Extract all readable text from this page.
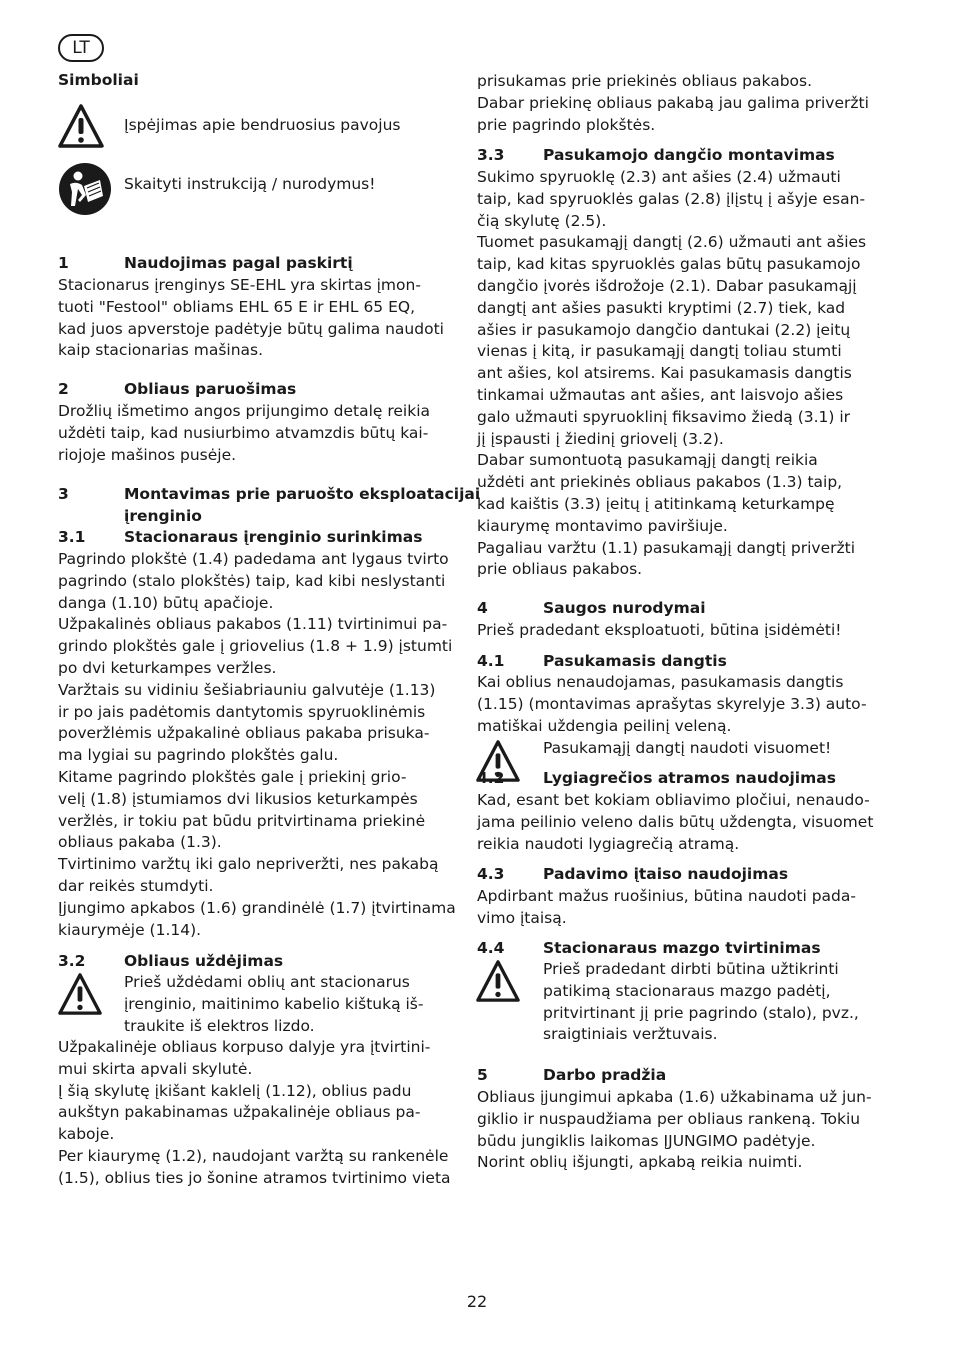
LT
Simboliai
Įspėjimas apie bendruosius pavojus
Skaityti instrukciją / nurodymus!
1	Naudojimas pagal paskirtį
Stacionarus įrenginys SE-EHL yra skirtas įmon-
tuoti "Festool" obliams EHL 65 E ir EHL 65 EQ,
kad juos apverstoje padėtyje būtų galima naudoti
kaip stacionarias mašinas.
2	Obliaus paruošimas
Drožlių išmetimo angos prijungimo detalę reikia
uždėti taip, kad nusiurbimo atvamzdis būtų kai-
riojoje mašinos pusėje.
3	Montavimas prie paruošto eksploatacijai
įrenginio
3.1 Stacionaraus įrenginio surinkimas
Pagrindo plokštė (1.4) padedama ant lygaus tvirto
pagrindo (stalo plokštės) taip, kad kibi neslystanti
danga (1.10) būtų apačioje.
Užpakalinės obliaus pakabos (1.11) tvirtinimui pa-
grindo plokštės gale į griovelius (1.8 + 1.9) įstumti
po dvi keturkampes veržles.
Varžtais su vidiniu šešiabriauniu galvutėje (1.13)
ir po jais padėtomis dantytomis spyruoklinėmis
poveržlėmis užpakalinė obliaus pakaba prisuka-
ma lygiai su pagrindo plokštės galu.
Kitame pagrindo plokštės gale į priekinį grio-
velį (1.8) įstumiamos dvi likusios keturkampės
veržlės, ir tokiu pat būdu pritvirtinama priekinė
obliaus pakaba (1.3).
Tvirtinimo varžtų iki galo nepriveržti, nes pakabą
dar reikės stumdyti.
Įjungimo apkabos (1.6) grandinėlė (1.7) įtvirtinama
kiaurymėje (1.14).
3.2 Obliaus uždėjimas
Prieš uždėdami oblių ant stacionarus
įrenginio, maitinimo kabelio kištuką iš-
traukite iš elektros lizdo.
Užpakalinėje obliaus korpuso dalyje yra įtvirtini-
mui skirta apvali skylutė.
Į šią skylutę įkišant kaklelį (1.12), oblius padu
aukštyn pakabinamas užpakalinėje obliaus pa-
kaboje.
Per kiaurymę (1.2), naudojant varžtą su rankenėle
(1.5), oblius ties jo šonine atramos tvirtinimo vieta
prisukamas prie priekinės obliaus pakabos.
Dabar priekinę obliaus pakabą jau galima priveržti
prie pagrindo plokštės.
3.3 Pasukamojo dangčio montavimas
Sukimo spyruoklę (2.3) ant ašies (2.4) užmauti
taip, kad spyruoklės galas (2.8) įlįstų į ašyje esan-
čią skylutę (2.5).
Tuomet pasukamąjį dangtį (2.6) užmauti ant ašies
taip, kad kitas spyruoklės galas būtų pasukamojo
dangčio įvorės išdrožoje (2.1). Dabar pasukamąjį
dangtį ant ašies pasukti kryptimi (2.7) tiek, kad
ašies ir pasukamojo dangčio dantukai (2.2) įeitų
vienas į kitą, ir pasukamąjį dangtį toliau stumti
ant ašies, kol atsirems. Kai pasukamasis dangtis
tinkamai užmautas ant ašies, ant laisvojo ašies
galo užmauti spyruoklinį fiksavimo žiedą (3.1) ir
jį įspausti į žiedinį griovelį (3.2).
Dabar sumontuotą pasukamąjį dangtį reikia
uždėti ant priekinės obliaus pakabos (1.3) taip,
kad kaištis (3.3) įeitų į atitinkamą keturkampę
kiaurymę montavimo paviršiuje.
Pagaliau varžtu (1.1) pasukamąjį dangtį priveržti
prie obliaus pakabos.
4	Saugos nurodymai
Prieš pradedant eksploatuoti, būtina įsidėmėti!
4.1 Pasukamasis dangtis
Kai oblius nenaudojamas, pasukamasis dangtis
(1.15) (montavimas aprašytas skyrelyje 3.3) auto-
matiškai uždengia peilinį veleną.
Pasukamąjį dangtį naudoti visuomet!
4.2 Lygiagrečios atramos naudojimas
Kad, esant bet kokiam obliavimo pločiui, nenaudo-
jama peilinio veleno dalis būtų uždengta, visuomet
reikia naudoti lygiagrečią atramą.
4.3 Padavimo įtaiso naudojimas
Apdirbant mažus ruošinius, būtina naudoti pada-
vimo įtaisą.
4.4 Stacionaraus mazgo tvirtinimas
Prieš pradedant dirbti būtina užtikrinti
patikimą stacionaraus mazgo padėtį,
pritvirtinant jį prie pagrindo (stalo), pvz.,
sraigtiniais veržtuvais.
5	Darbo pradžia
Obliaus įjungimui apkaba (1.6) užkabinama už jun-
giklio ir nuspaudžiama per obliaus rankeną. Tokiu
būdu jungiklis laikomas ĮJUNGIMO padėtyje.
Norint oblių išjungti, apkabą reikia nuimti.
22
